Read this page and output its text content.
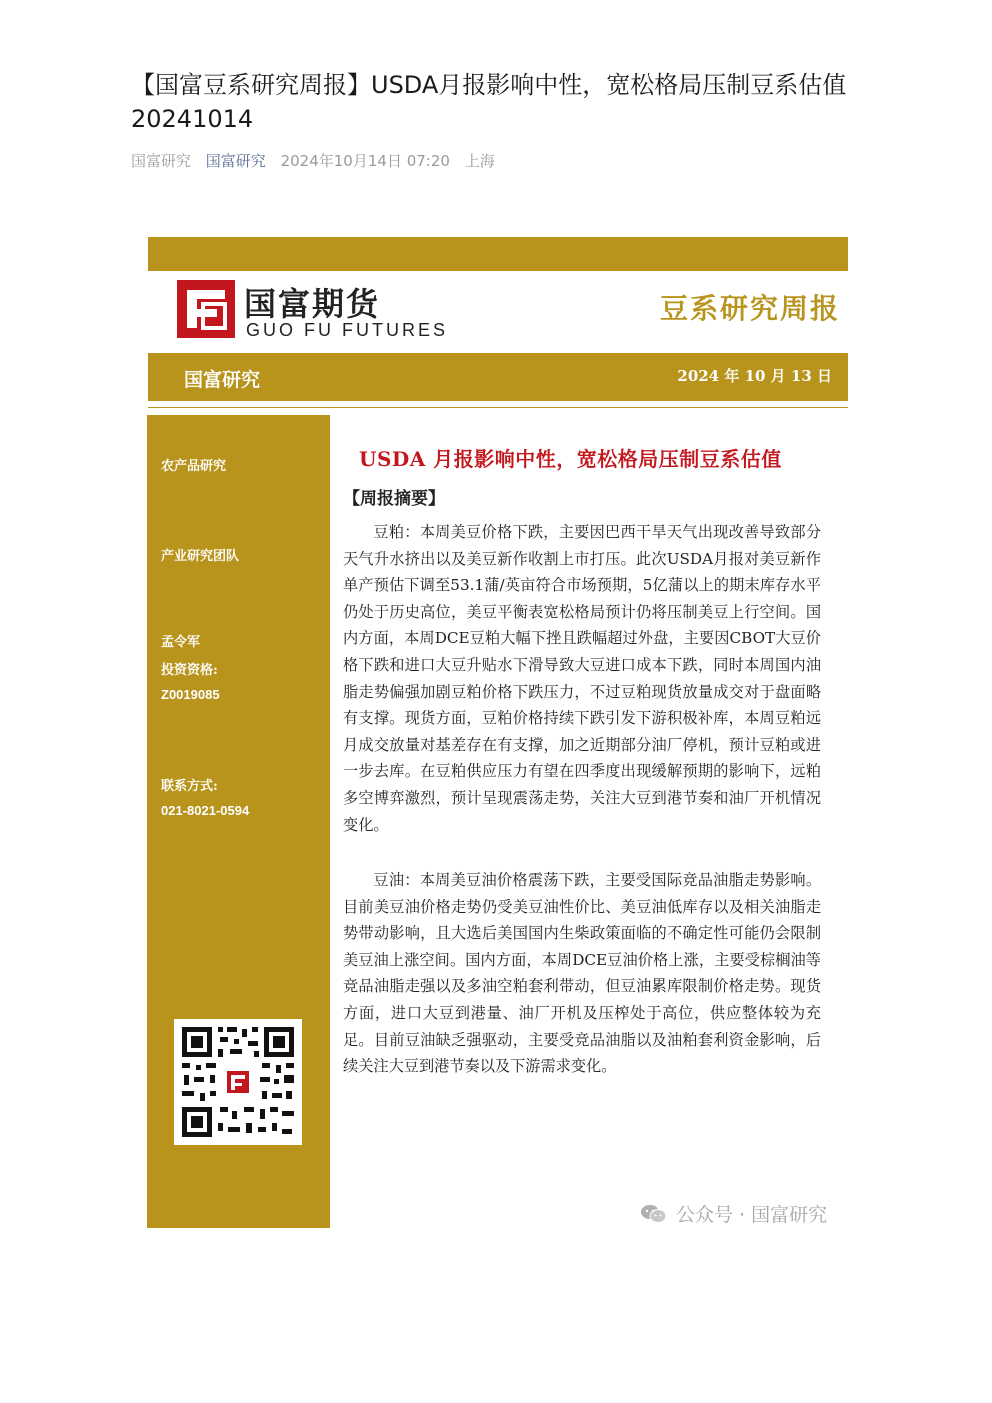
【国富豆系研究周报】USDA月报影响中性，宽松格局压制豆系估值20241014
国富研究 国富研究 2024年10月14日 07:20 上海
国富期货
GUO FU FUTURES
豆系研究周报
国富研究	2024 年 10 月 13 日
农产品研究
产业研究团队
孟令军
投资资格:
Z0019085
联系方式:
021-8021-0594
USDA 月报影响中性，宽松格局压制豆系估值
【周报摘要】

豆粕：本周美豆价格下跌，主要因巴西干旱天气出现改善导致部分天气升水挤出以及美豆新作收割上市打压。此次USDA月报对美豆新作单产预估下调至53.1蒲/英亩符合市场预期，5亿蒲以上的期末库存水平仍处于历史高位，美豆平衡表宽松格局预计仍将压制美豆上行空间。国内方面，本周DCE豆粕大幅下挫且跌幅超过外盘，主要因CBOT大豆价格下跌和进口大豆升贴水下滑导致大豆进口成本下跌，同时本周国内油脂走势偏强加剧豆粕价格下跌压力，不过豆粕现货放量成交对于盘面略有支撑。现货方面，豆粕价格持续下跌引发下游积极补库，本周豆粕远月成交放量对基差存在有支撑，加之近期部分油厂停机，预计豆粕或进一步去库。在豆粕供应压力有望在四季度出现缓解预期的影响下，远粕多空博弈激烈，预计呈现震荡走势，关注大豆到港节奏和油厂开机情况变化。

豆油：本周美豆油价格震荡下跌，主要受国际竞品油脂走势影响。目前美豆油价格走势仍受美豆油性价比、美豆油低库存以及相关油脂走势带动影响，且大选后美国国内生柴政策面临的不确定性可能仍会限制美豆油上涨空间。国内方面，本周DCE豆油价格上涨，主要受棕榈油等竞品油脂走强以及多油空粕套利带动，但豆油累库限制价格走势。现货方面，进口大豆到港量、油厂开机及压榨处于高位，供应整体较为充足。目前豆油缺乏强驱动，主要受竞品油脂以及油粕套利资金影响，后续关注大豆到港节奏以及下游需求变化。

公众号 · 国富研究
